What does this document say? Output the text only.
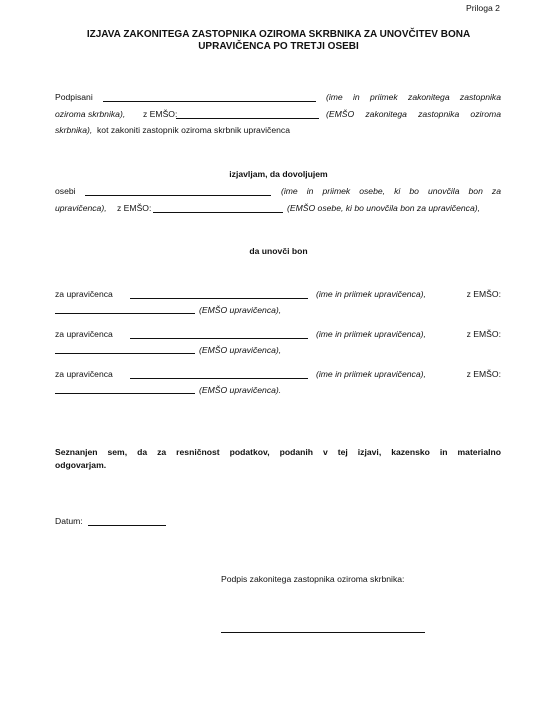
Priloga 2
IZJAVA ZAKONITEGA ZASTOPNIKA OZIROMA SKRBNIKA ZA UNOVČITEV BONA
UPRAVIČENCA PO TRETJI OSEBI
Podpisani	(ime in priimek zakonitega zastopnika
oziroma skrbnika), z EMŠO:	(EMŠO zakonitega zastopnika oziroma
skrbnika), kot zakoniti zastopnik oziroma skrbnik upravičenca
izjavljam, da dovoljujem
osebi	(ime in priimek osebe, ki bo unovčila bon za
upravičenca), z EMŠO:	(EMŠO osebe, ki bo unovčila bon za upravičenca),
da unovči bon
za upravičenca	(ime in priimek upravičenca),	z EMŠO:
(EMŠO upravičenca),
za upravičenca	(ime in priimek upravičenca),	z EMŠO:
(EMŠO upravičenca),
za upravičenca	(ime in priimek upravičenca),	z EMŠO:
(EMŠO upravičenca).
Seznanjen sem, da za resničnost podatkov, podanih v tej izjavi, kazensko in materialno
odgovarjam.
Datum:
Podpis zakonitega zastopnika oziroma skrbnika:
